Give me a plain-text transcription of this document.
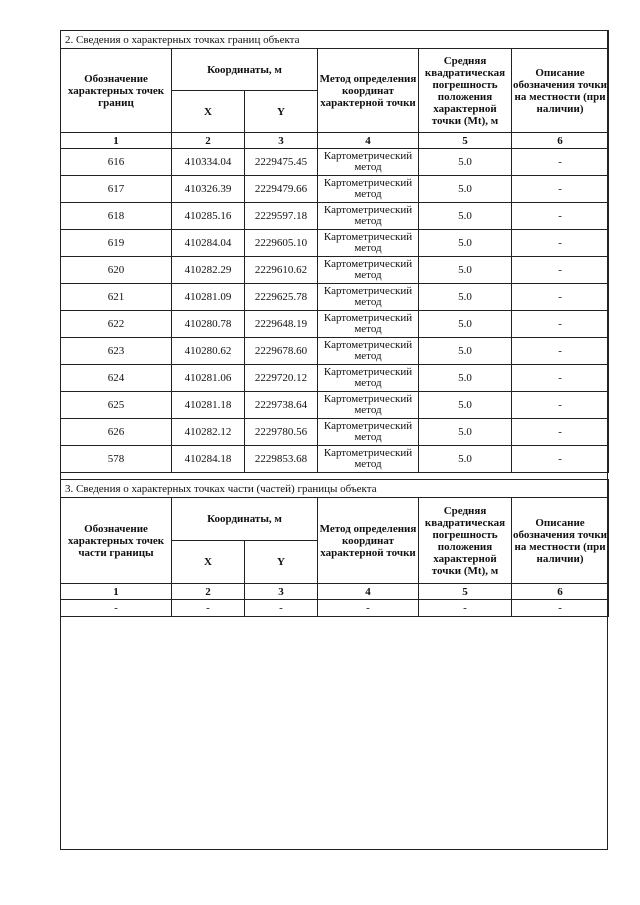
2. Сведения о характерных точках границ объекта					
Обозначение характерных точек границ	Координаты, м		Метод определения координат характерной точки	Средняя квадратическая погрешность положения характерной точки (Mt), м	Описание обозначения точки на местности (при наличии)
	X	Y			
1	2	3	4	5	6
616	410334.04	2229475.45	Картометрический метод	5.0	-
617	410326.39	2229479.66	Картометрический метод	5.0	-
618	410285.16	2229597.18	Картометрический метод	5.0	-
619	410284.04	2229605.10	Картометрический метод	5.0	-
620	410282.29	2229610.62	Картометрический метод	5.0	-
621	410281.09	2229625.78	Картометрический метод	5.0	-
622	410280.78	2229648.19	Картометрический метод	5.0	-
623	410280.62	2229678.60	Картометрический метод	5.0	-
624	410281.06	2229720.12	Картометрический метод	5.0	-
625	410281.18	2229738.64	Картометрический метод	5.0	-
626	410282.12	2229780.56	Картометрический метод	5.0	-
578	410284.18	2229853.68	Картометрический метод	5.0	-
3. Сведения о характерных точках части (частей) границы объекта					
Обозначение характерных точек части границы	Координаты, м		Метод определения координат характерной точки	Средняя квадратическая погрешность положения характерной точки (Mt), м	Описание обозначения точки на местности (при наличии)
	X	Y			
1	2	3	4	5	6
-	-	-	-	-	-
